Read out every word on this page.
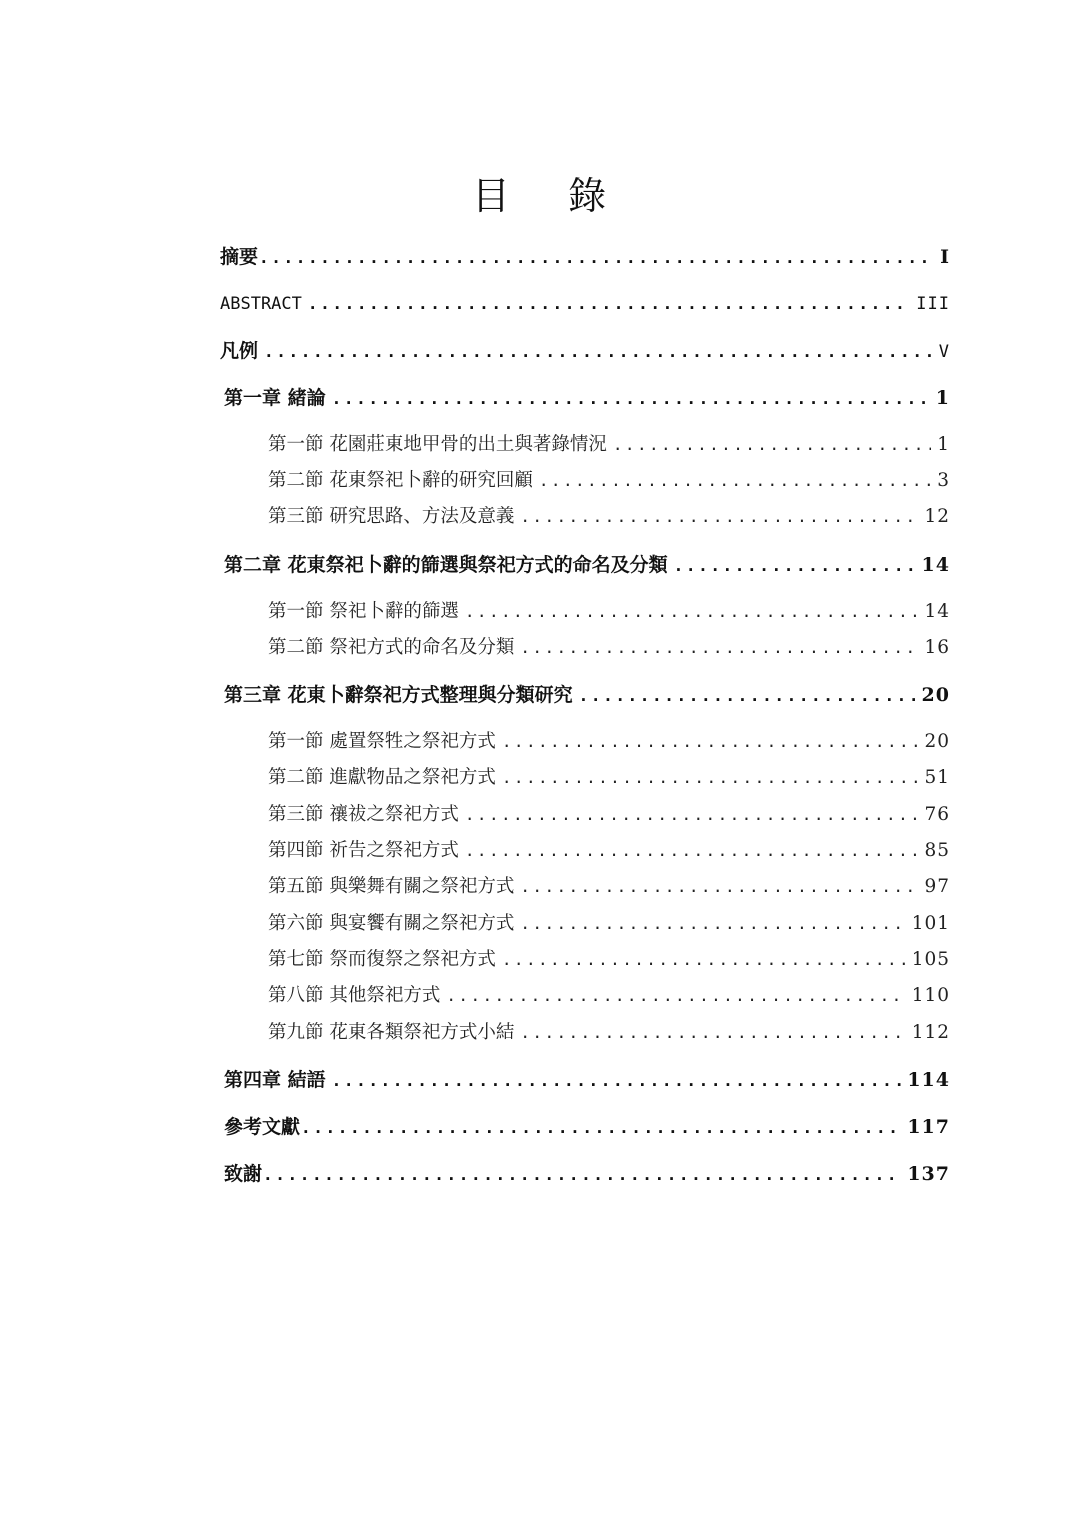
目    錄
摘要 .....	I
ABSTRACT .....	III
凡例 .....	V
第一章 緒論 .....	1
第一節 花園莊東地甲骨的出土與著錄情況 .....	1
第二節 花東祭祀卜辭的研究回顧 .....	3
第三節 研究思路、方法及意義 .....	12
第二章 花東祭祀卜辭的篩選與祭祀方式的命名及分類 .....	14
第一節 祭祀卜辭的篩選 .....	14
第二節 祭祀方式的命名及分類 .....	16
第三章 花東卜辭祭祀方式整理與分類研究 .....	20
第一節 處置祭牲之祭祀方式 .....	20
第二節 進獻物品之祭祀方式 .....	51
第三節 禳祓之祭祀方式 .....	76
第四節 祈告之祭祀方式 .....	85
第五節 與樂舞有關之祭祀方式 .....	97
第六節 與宴饗有關之祭祀方式 .....	101
第七節 祭而復祭之祭祀方式 .....	105
第八節 其他祭祀方式 .....	110
第九節 花東各類祭祀方式小結 .....	112
第四章 結語 .....	114
參考文獻 .....	117
致謝 .....	137
